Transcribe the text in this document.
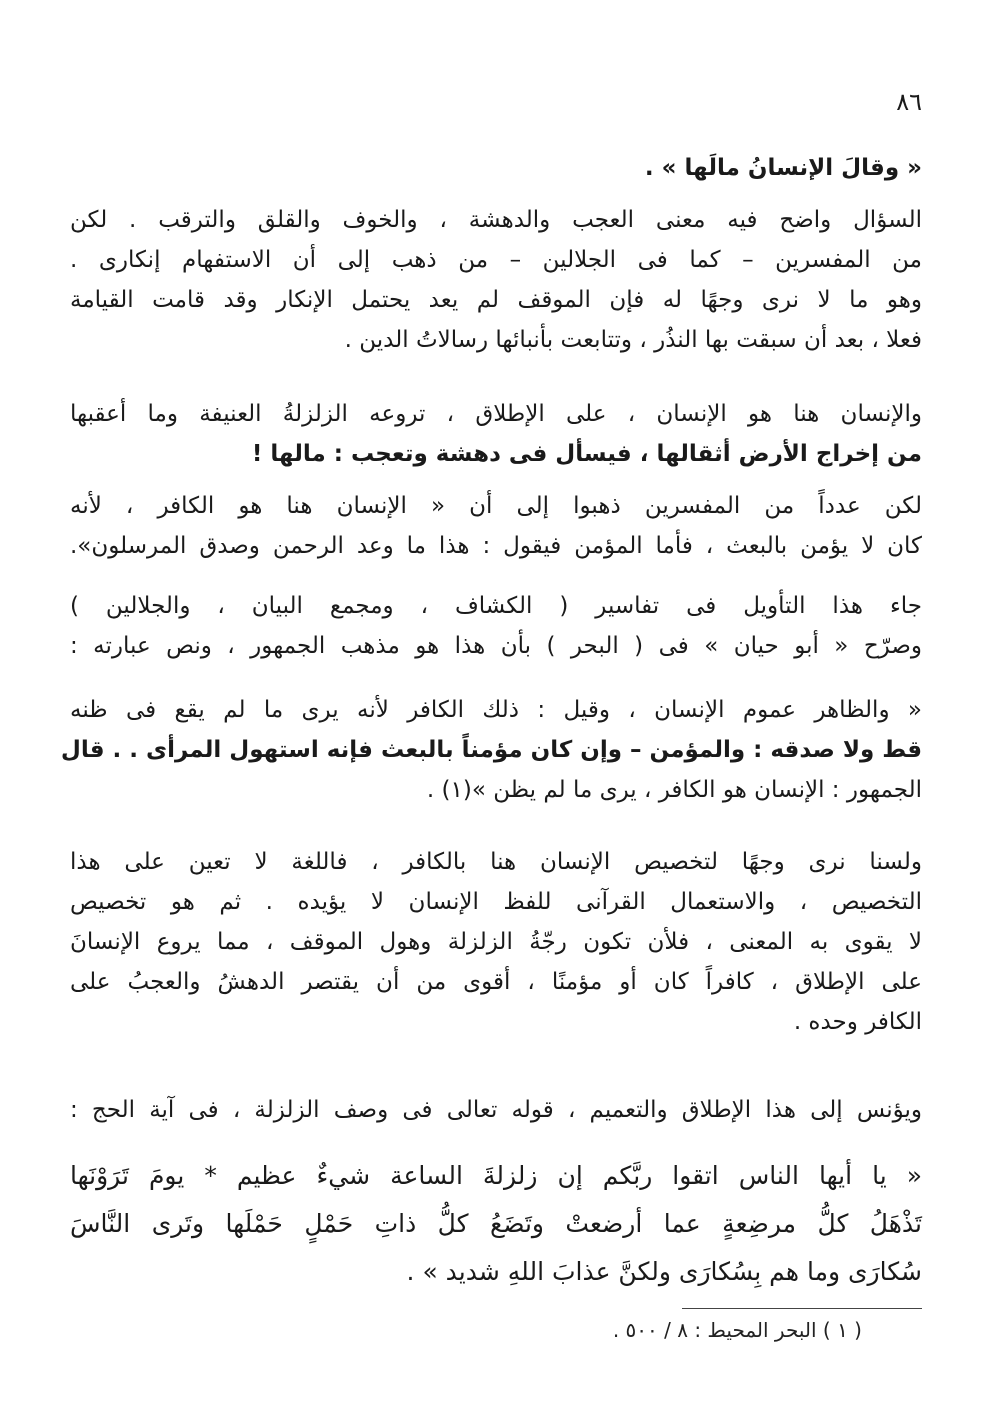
٨٦
« وقالَ الإنسانُ مالَها » .
السؤال واضح فيه معنى العجب والدهشة ، والخوف والقلق والترقب . لكن
من المفسرين – كما فى الجلالين – من ذهب إلى أن الاستفهام إنكارى .
وهو ما لا نرى وجهًا له فإن الموقف لم يعد يحتمل الإنكار وقد قامت القيامة
فعلا ، بعد أن سبقت بها النذُر ، وتتابعت بأنبائها رسالاتُ الدين .
والإنسان هنا هو الإنسان ، على الإطلاق ، تروعه الزلزلةُ العنيفة وما أعقبها
من إخراج الأرض أثقالها ، فيسأل فى دهشة وتعجب : مالها !
لكن عدداً من المفسرين ذهبوا إلى أن « الإنسان هنا هو الكافر ، لأنه
كان لا يؤمن بالبعث ، فأما المؤمن فيقول : هذا ما وعد الرحمن وصدق المرسلون».
جاء هذا التأويل فى تفاسير ( الكشاف ، ومجمع البيان ، والجلالين )
وصرّح « أبو حيان » فى ( البحر ) بأن هذا هو مذهب الجمهور ، ونص عبارته :
« والظاهر عموم الإنسان ، وقيل : ذلك الكافر لأنه يرى ما لم يقع فى ظنه
قط ولا صدقه : والمؤمن – وإن كان مؤمناً بالبعث فإنه استهول المرأى . . قال
الجمهور : الإنسان هو الكافر ، يرى ما لم يظن »(١) .
ولسنا نرى وجهًا لتخصيص الإنسان هنا بالكافر ، فاللغة لا تعين على هذا
التخصيص ، والاستعمال القرآنى للفظ الإنسان لا يؤيده . ثم هو تخصيص
لا يقوى به المعنى ، فلأن تكون رجّةُ الزلزلة وهول الموقف ، مما يروع الإنسانَ
على الإطلاق ، كافراً كان أو مؤمنًا ، أقوى من أن يقتصر الدهشُ والعجبُ على
الكافر وحده .
ويؤنس إلى هذا الإطلاق والتعميم ، قوله تعالى فى وصف الزلزلة ، فى آية الحج :
« يا أيها الناس اتقوا ربَّكم إن زلزلةَ الساعة شيءٌ عظيم * يومَ تَرَوْنَها
تَذْهَلُ كلُّ مرضِعةٍ عما أرضعتْ وتَضَعُ كلُّ ذاتِ حَمْلٍ حَمْلَها وتَرى النَّاسَ
سُكارَى وما هم بِسُكارَى ولكنَّ عذابَ اللهِ شديد » .
( ١ ) البحر المحيط : ٨ / ٥٠٠ .
